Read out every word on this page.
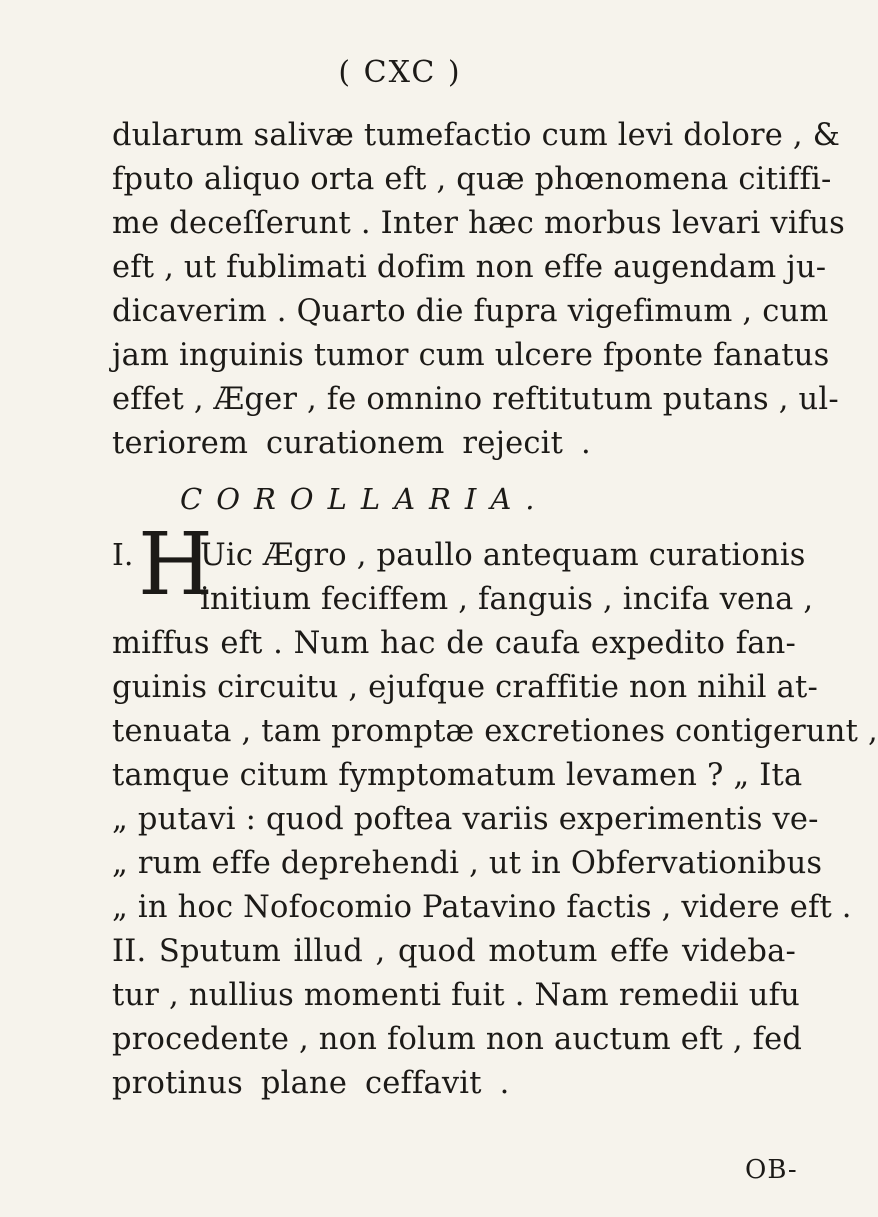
( CXC )
dularum salivæ tumefactio cum levi dolore , &
fputo aliquo orta eft , quæ phœnomena citiffi-
me deceſſerunt . Inter hæc morbus levari vifus
eft , ut fublimati dofim non effe augendam ju-
dicaverim . Quarto die fupra vigefimum , cum
jam inguinis tumor cum ulcere fponte fanatus
effet , Æger , fe omnino reftitutum putans , ul-
teriorem curationem rejecit .
COROLLARIA.
I. H
Uic Ægro , paullo antequam curationis
initium feciffem , fanguis , incifa vena ,
miffus eft . Num hac de caufa expedito fan-
guinis circuitu , ejufque craffitie non nihil at-
tenuata , tam promptæ excretiones contigerunt ,
tamque citum fymptomatum levamen ? „ Ita
„ putavi : quod poftea variis experimentis ve-
„ rum effe deprehendi , ut in Obfervationibus
„ in hoc Nofocomio Patavino factis , videre eft .
II. Sputum illud , quod motum effe videba-
tur , nullius momenti fuit . Nam remedii ufu
procedente , non folum non auctum eft , fed
protinus plane ceffavit .
OB-
